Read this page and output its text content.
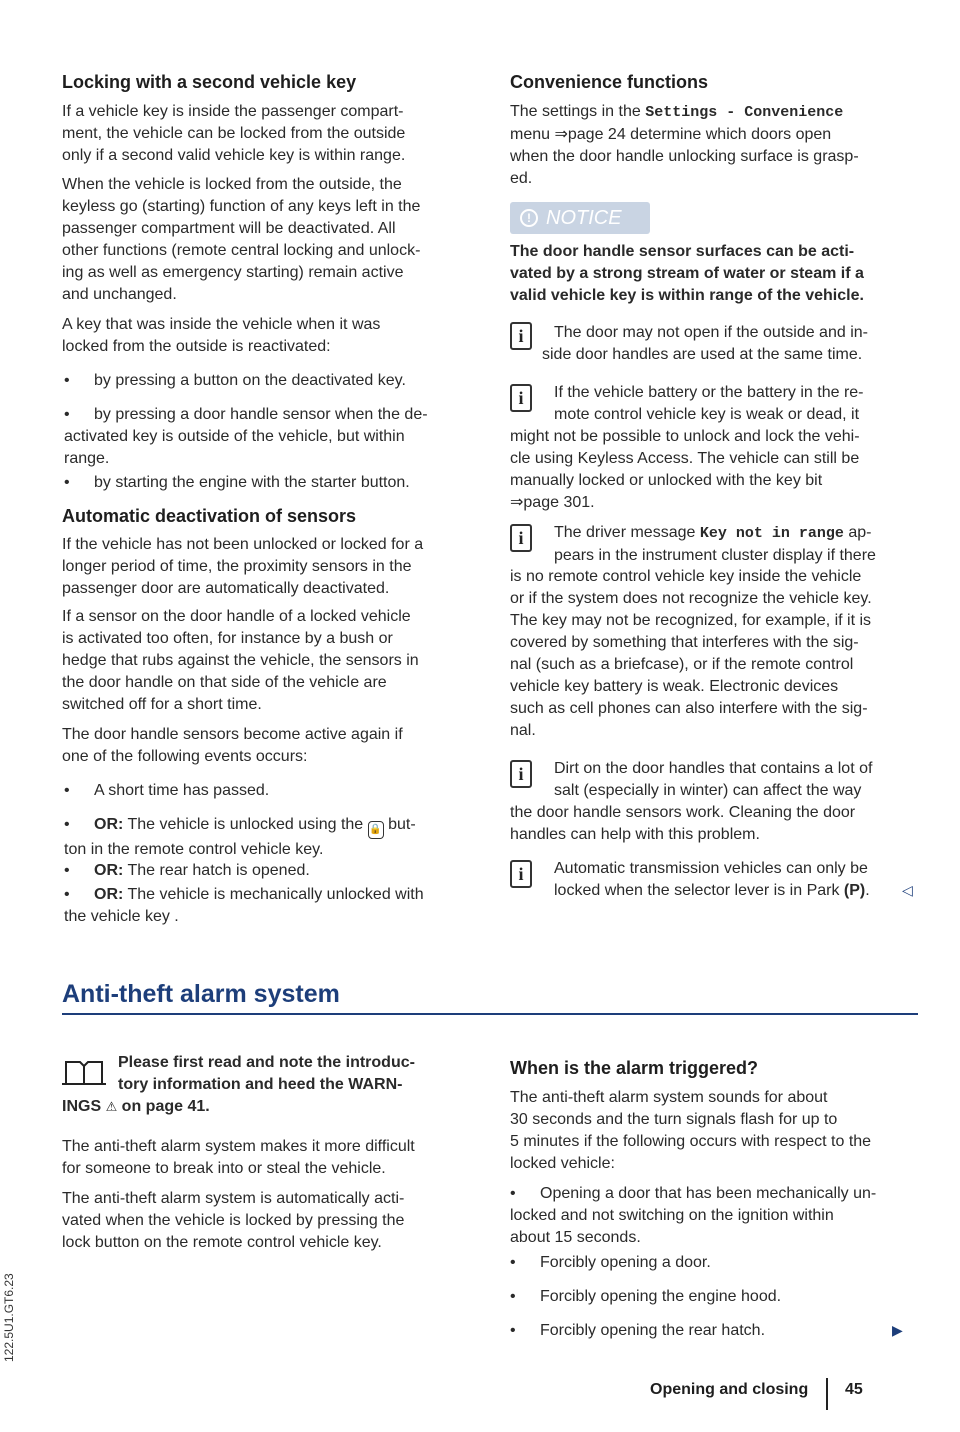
Locking with a second vehicle key

If a vehicle key is inside the passenger compart-

ment, the vehicle can be locked from the outside

only if a second valid vehicle key is within range.

When the vehicle is locked from the outside, the

keyless go (starting) function of any keys left in the

passenger compartment will be deactivated. All

other functions (remote central locking and unlock-

ing as well as emergency starting) remain active

and unchanged.

A key that was inside the vehicle when it was

locked from the outside is reactivated:

• by pressing a button on the deactivated key.

• by pressing a door handle sensor when the de-

activated key is outside of the vehicle, but within

range.

• by starting the engine with the starter button.

Automatic deactivation of sensors

If the vehicle has not been unlocked or locked for a

longer period of time, the proximity sensors in the

passenger door are automatically deactivated.

If a sensor on the door handle of a locked vehicle

is activated too often, for instance by a bush or

hedge that rubs against the vehicle, the sensors in

the door handle on that side of the vehicle are

switched off for a short time.

The door handle sensors become active again if

one of the following events occurs:

• A short time has passed.

• OR: The vehicle is unlocked using the 🔒 but-

ton in the remote control vehicle key.

• OR: The rear hatch is opened.

• OR: The vehicle is mechanically unlocked with

the vehicle key .

Convenience functions

The settings in the Settings - Convenience

menu ⇒page 24 determine which doors open

when the door handle unlocking surface is grasp-

ed.

! NOTICE

The door handle sensor surfaces can be acti-

vated by a strong stream of water or steam if a

valid vehicle key is within range of the vehicle.

i	The door may not open if the outside and in-

side door handles are used at the same time.

i	If the vehicle battery or the battery in the re-

mote control vehicle key is weak or dead, it

might not be possible to unlock and lock the vehi-

cle using Keyless Access. The vehicle can still be

manually locked or unlocked with the key bit

⇒page 301.

i	The driver message Key not in range ap-

pears in the instrument cluster display if there

is no remote control vehicle key inside the vehicle

or if the system does not recognize the vehicle key.

The key may not be recognized, for example, if it is

covered by something that interferes with the sig-

nal (such as a briefcase), or if the remote control

vehicle key battery is weak. Electronic devices

such as cell phones can also interfere with the sig-

nal.

i	Dirt on the door handles that contains a lot of

salt (especially in winter) can affect the way

the door handle sensors work. Cleaning the door

handles can help with this problem.

i	Automatic transmission vehicles can only be

locked when the selector lever is in Park (P).	◁
Anti-theft alarm system

Please first read and note the introduc-

tory information and heed the WARN-

INGS ⚠ on page 41.

The anti-theft alarm system makes it more difficult

for someone to break into or steal the vehicle.

The anti-theft alarm system is automatically acti-

vated when the vehicle is locked by pressing the

lock button on the remote control vehicle key.

When is the alarm triggered?

The anti-theft alarm system sounds for about

30 seconds and the turn signals flash for up to

5 minutes if the following occurs with respect to the

locked vehicle:

• Opening a door that has been mechanically un-

locked and not switching on the ignition within

about 15 seconds.

• Forcibly opening a door.

• Forcibly opening the engine hood.

• Forcibly opening the rear hatch.	▶
Opening and closing 45
122.5U1.GT6.23
